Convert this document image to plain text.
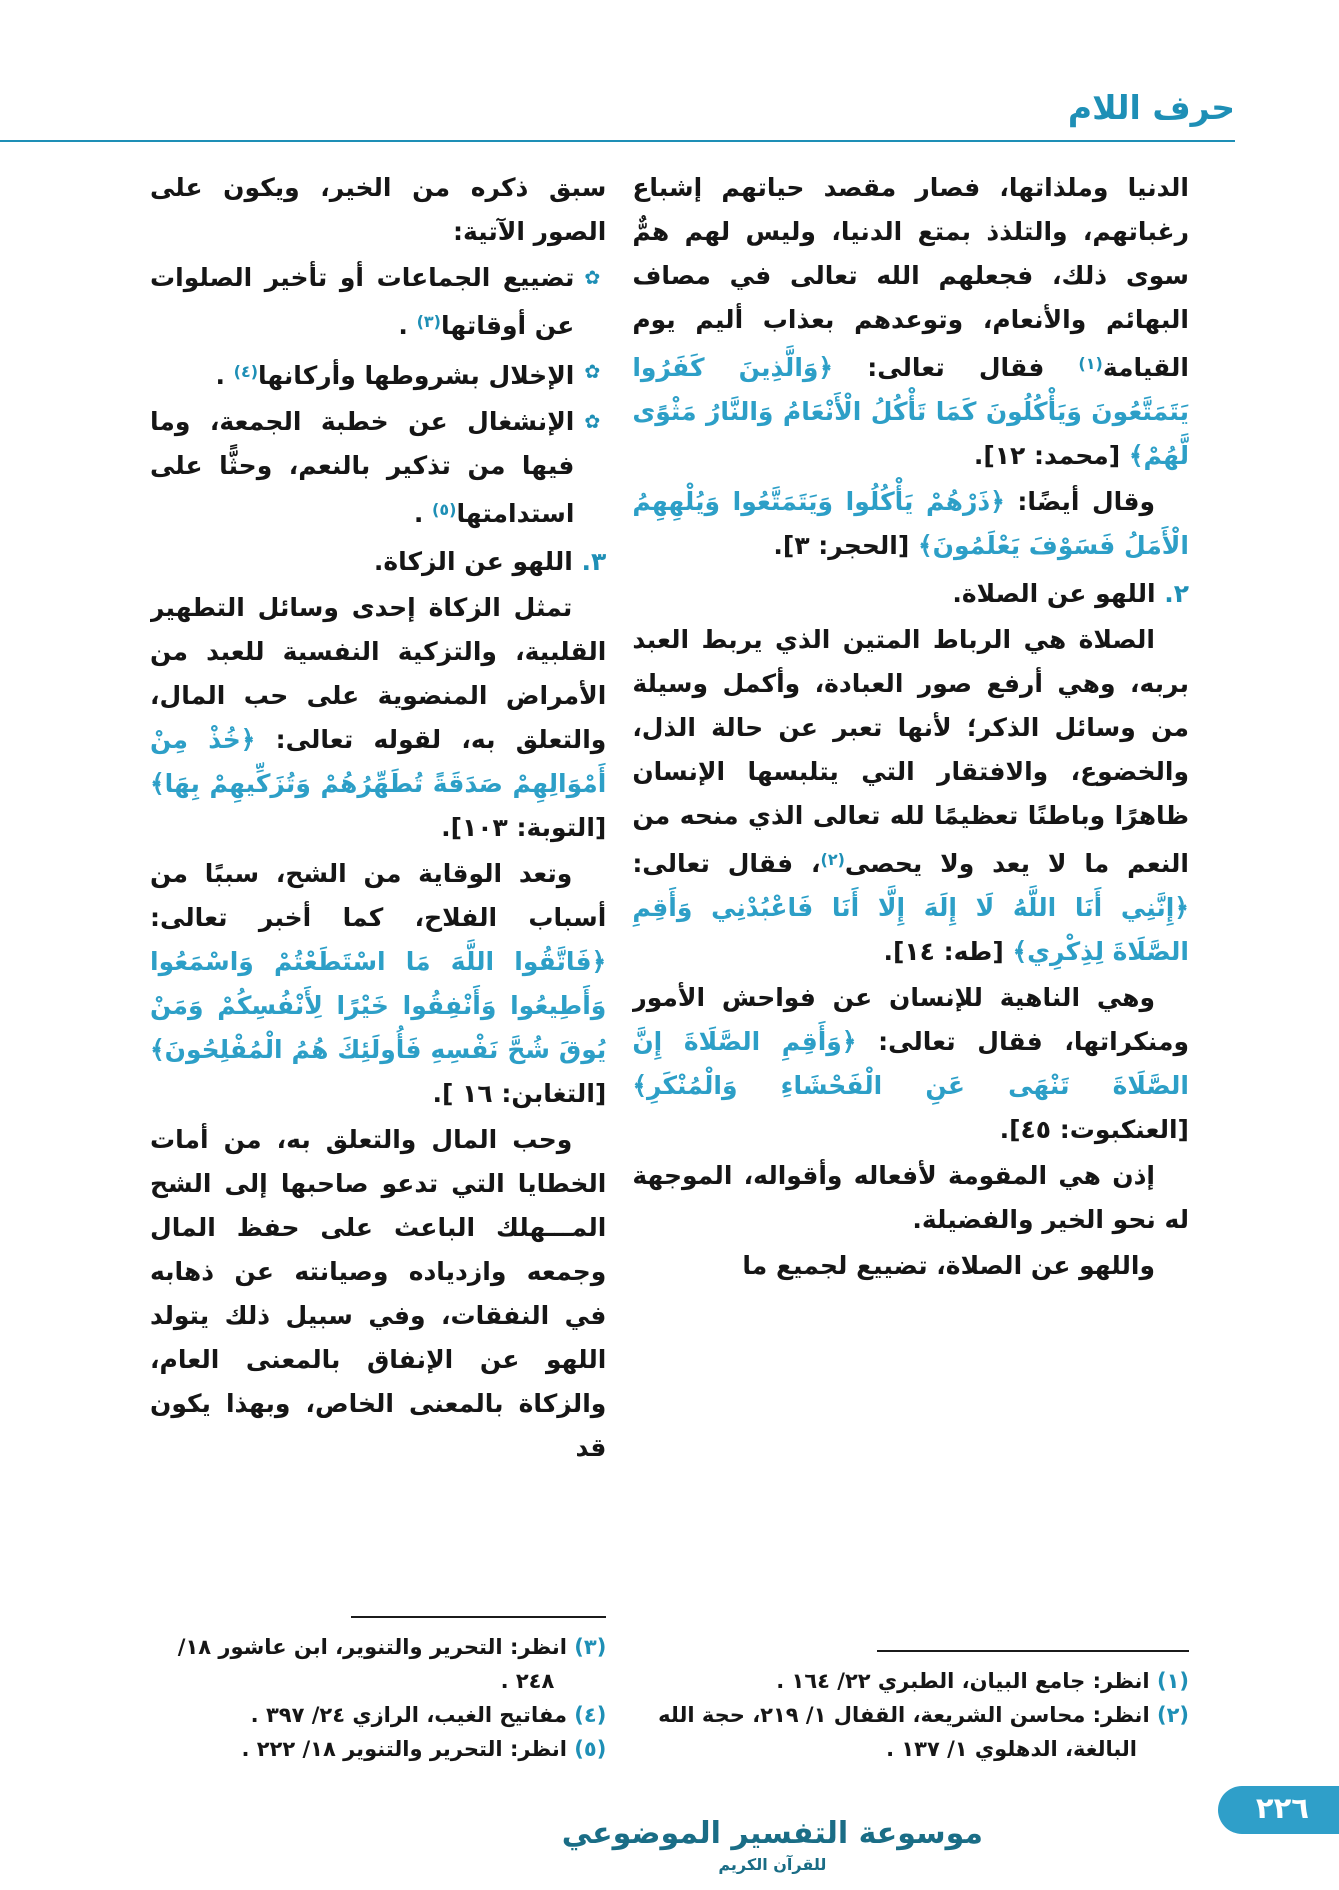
حرف اللام

الدنيا وملذاتها، فصار مقصد حياتهم إشباع رغباتهم، والتلذذ بمتع الدنيا، وليس لهم همٌّ سوى ذلك، فجعلهم الله تعالى في مصاف البهائم والأنعام، وتوعدهم بعذاب أليم يوم القيامة$^{(١)}$ فقال تعالى: ﴿وَالَّذِينَ كَفَرُوا يَتَمَتَّعُونَ وَيَأْكُلُونَ كَمَا تَأْكُلُ الْأَنْعَامُ وَالنَّارُ مَثْوًى لَّهُمْ﴾ [محمد: ١٢].

وقال أيضًا: ﴿ذَرْهُمْ يَأْكُلُوا وَيَتَمَتَّعُوا وَيُلْهِهِمُ الْأَمَلُ فَسَوْفَ يَعْلَمُونَ﴾ [الحجر: ٣].

٢. اللهو عن الصلاة.

الصلاة هي الرباط المتين الذي يربط العبد بربه، وهي أرفع صور العبادة، وأكمل وسيلة من وسائل الذكر؛ لأنها تعبر عن حالة الذل، والخضوع، والافتقار التي يتلبسها الإنسان ظاهرًا وباطنًا تعظيمًا لله تعالى الذي منحه من النعم ما لا يعد ولا يحصى$^{(٢)}$، فقال تعالى: ﴿إِنَّنِي أَنَا اللَّهُ لَا إِلَهَ إِلَّا أَنَا فَاعْبُدْنِي وَأَقِمِ الصَّلَاةَ لِذِكْرِي﴾ [طه: ١٤].

وهي الناهية للإنسان عن فواحش الأمور ومنكراتها، فقال تعالى: ﴿وَأَقِمِ الصَّلَاةَ إِنَّ الصَّلَاةَ تَنْهَى عَنِ الْفَحْشَاءِ وَالْمُنْكَرِ﴾ [العنكبوت: ٤٥].

إذن هي المقومة لأفعاله وأقواله، الموجهة له نحو الخير والفضيلة.

واللهو عن الصلاة، تضييع لجميع ما

(١) انظر: جامع البيان، الطبري ٢٢/ ١٦٤ .
(٢) انظر: محاسن الشريعة، القفال ١/ ٢١٩، حجة الله البالغة، الدهلوي ١/ ١٣٧ .

سبق ذكره من الخير، ويكون على الصور الآتية:

✿
تضييع الجماعات أو تأخير الصلوات عن أوقاتها$^{(٣)}$ .
✿
الإخلال بشروطها وأركانها$^{(٤)}$ .
✿
الإنشغال عن خطبة الجمعة، وما فيها من تذكير بالنعم، وحثًّا على استدامتها$^{(٥)}$ .

٣. اللهو عن الزكاة.

تمثل الزكاة إحدى وسائل التطهير القلبية، والتزكية النفسية للعبد من الأمراض المنضوية على حب المال، والتعلق به، لقوله تعالى: ﴿خُذْ مِنْ أَمْوَالِهِمْ صَدَقَةً تُطَهِّرُهُمْ وَتُزَكِّيهِمْ بِهَا﴾ [التوبة: ١٠٣].

وتعد الوقاية من الشح، سببًا من أسباب الفلاح، كما أخبر تعالى: ﴿فَاتَّقُوا اللَّهَ مَا اسْتَطَعْتُمْ وَاسْمَعُوا وَأَطِيعُوا وَأَنْفِقُوا خَيْرًا لِأَنْفُسِكُمْ وَمَنْ يُوقَ شُحَّ نَفْسِهِ فَأُولَئِكَ هُمُ الْمُفْلِحُونَ﴾ [التغابن: ١٦ ].

وحب المال والتعلق به، من أمات الخطايا التي تدعو صاحبها إلى الشح المـــهلك الباعث على حفظ المال وجمعه وازدياده وصيانته عن ذهابه في النفقات، وفي سبيل ذلك يتولد اللهو عن الإنفاق بالمعنى العام، والزكاة بالمعنى الخاص، وبهذا يكون قد

(٣) انظر: التحرير والتنوير، ابن عاشور ١٨/ ٢٤٨ .
(٤) مفاتيح الغيب، الرازي ٢٤/ ٣٩٧ .
(٥) انظر: التحرير والتنوير ١٨/ ٢٢٢ .
موسوعة التفسير الموضوعي
للقرآن الكريم
٢٢٦
